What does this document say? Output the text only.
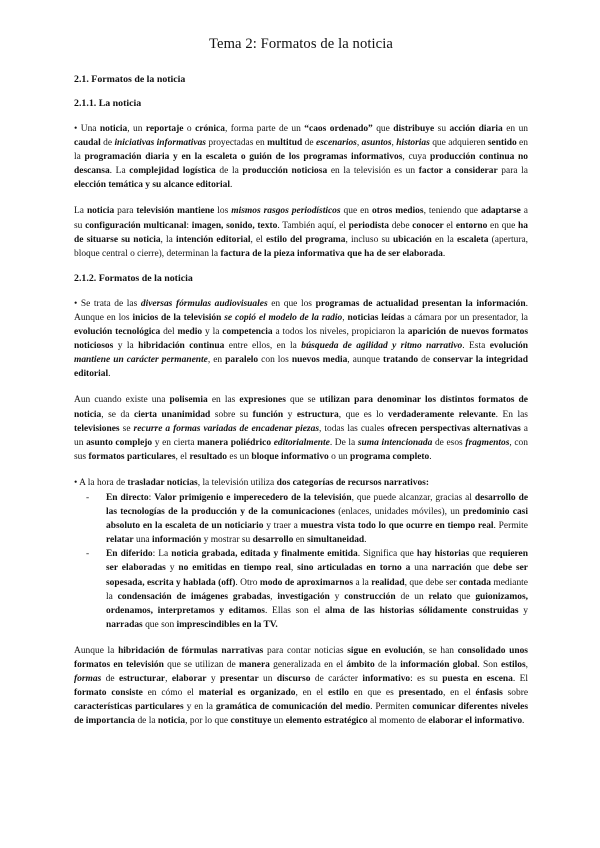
Tema 2: Formatos de la noticia
2.1. Formatos de la noticia
2.1.1. La noticia

• Una noticia, un reportaje o crónica, forma parte de un “caos ordenado” que distribuye su acción diaria en un caudal de iniciativas informativas proyectadas en multitud de escenarios, asuntos, historias que adquieren sentido en la programación diaria y en la escaleta o guión de los programas informativos, cuya producción continua no descansa. La complejidad logística de la producción noticiosa en la televisión es un factor a considerar para la elección temática y su alcance editorial.

La noticia para televisión mantiene los mismos rasgos periodísticos que en otros medios, teniendo que adaptarse a su configuración multicanal: imagen, sonido, texto. También aquí, el periodista debe conocer el entorno en que ha de situarse su noticia, la intención editorial, el estilo del programa, incluso su ubicación en la escaleta (apertura, bloque central o cierre), determinan la factura de la pieza informativa que ha de ser elaborada.

2.1.2. Formatos de la noticia

• Se trata de las diversas fórmulas audiovisuales en que los programas de actualidad presentan la información. Aunque en los inicios de la televisión se copió el modelo de la radio, noticias leídas a cámara por un presentador, la evolución tecnológica del medio y la competencia a todos los niveles, propiciaron la aparición de nuevos formatos noticiosos y la hibridación continua entre ellos, en la búsqueda de agilidad y ritmo narrativo. Esta evolución mantiene un carácter permanente, en paralelo con los nuevos media, aunque tratando de conservar la integridad editorial.

Aun cuando existe una polisemia en las expresiones que se utilizan para denominar los distintos formatos de noticia, se da cierta unanimidad sobre su función y estructura, que es lo verdaderamente relevante. En las televisiones se recurre a formas variadas de encadenar piezas, todas las cuales ofrecen perspectivas alternativas a un asunto complejo y en cierta manera poliédrico editorialmente. De la suma intencionada de esos fragmentos, con sus formatos particulares, el resultado es un bloque informativo o un programa completo.

• A la hora de trasladar noticias, la televisión utiliza dos categorías de recursos narrativos:

- En directo: Valor primigenio e imperecedero de la televisión, que puede alcanzar, gracias al desarrollo de las tecnologías de la producción y de la comunicaciones (enlaces, unidades móviles), un predominio casi absoluto en la escaleta de un noticiario y traer a muestra vista todo lo que ocurre en tiempo real. Permite relatar una información y mostrar su desarrollo en simultaneidad.
- En diferido: La noticia grabada, editada y finalmente emitida. Significa que hay historias que requieren ser elaboradas y no emitidas en tiempo real, sino articuladas en torno a una narración que debe ser sopesada, escrita y hablada (off). Otro modo de aproximarnos a la realidad, que debe ser contada mediante la condensación de imágenes grabadas, investigación y construcción de un relato que guionizamos, ordenamos, interpretamos y editamos. Ellas son el alma de las historias sólidamente construidas y narradas que son imprescindibles en la TV.

Aunque la hibridación de fórmulas narrativas para contar noticias sigue en evolución, se han consolidado unos formatos en televisión que se utilizan de manera generalizada en el ámbito de la información global. Son estilos, formas de estructurar, elaborar y presentar un discurso de carácter informativo: es su puesta en escena. El formato consiste en cómo el material es organizado, en el estilo en que es presentado, en el énfasis sobre características particulares y en la gramática de comunicación del medio. Permiten comunicar diferentes niveles de importancia de la noticia, por lo que constituye un elemento estratégico al momento de elaborar el informativo.
